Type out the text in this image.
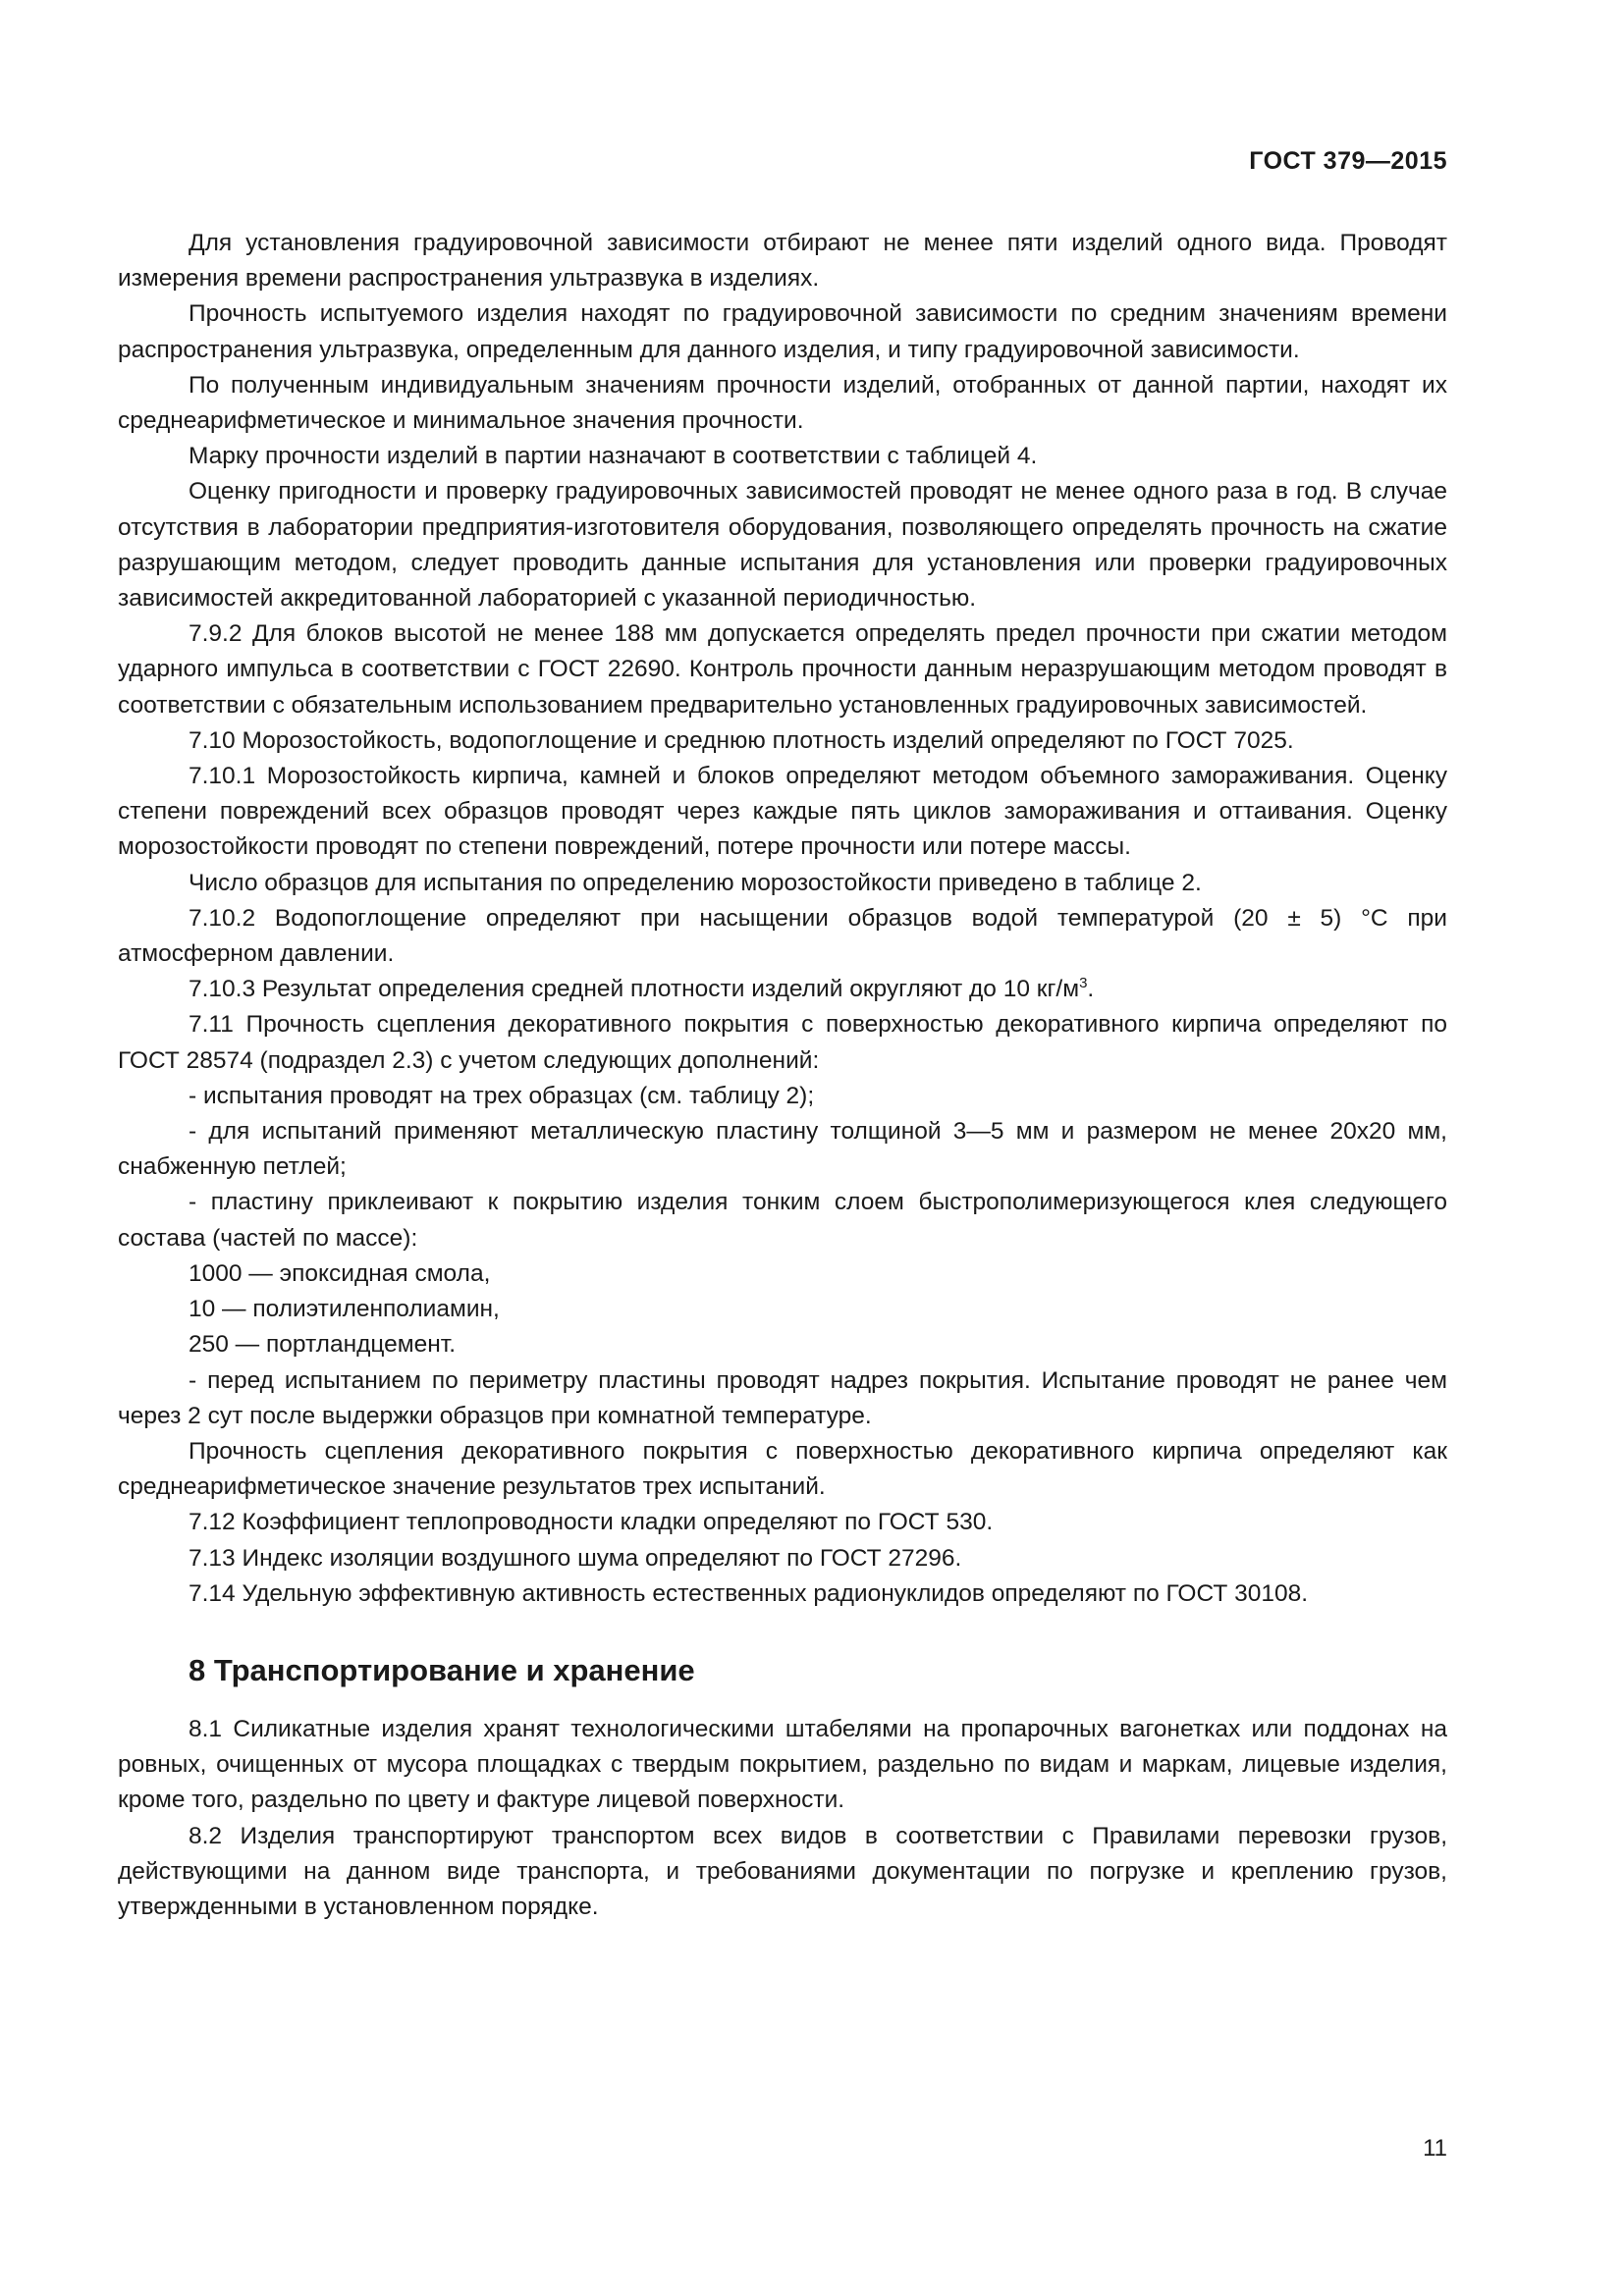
ГОСТ 379—2015

Для установления градуировочной зависимости отбирают не менее пяти изделий одного вида. Проводят измерения времени распространения ультразвука в изделиях.

Прочность испытуемого изделия находят по градуировочной зависимости по средним значениям времени распространения ультразвука, определенным для данного изделия, и типу градуировочной зависимости.

По полученным индивидуальным значениям прочности изделий, отобранных от данной партии, находят их среднеарифметическое и минимальное значения прочности.

Марку прочности изделий в партии назначают в соответствии с таблицей 4.

Оценку пригодности и проверку градуировочных зависимостей проводят не менее одного раза в год. В случае отсутствия в лаборатории предприятия-изготовителя оборудования, позволяющего определять прочность на сжатие разрушающим методом, следует проводить данные испытания для установления или проверки градуировочных зависимостей аккредитованной лабораторией с указанной периодичностью.

7.9.2 Для блоков высотой не менее 188 мм допускается определять предел прочности при сжатии методом ударного импульса в соответствии с ГОСТ 22690. Контроль прочности данным неразрушающим методом проводят в соответствии с обязательным использованием предварительно установленных градуировочных зависимостей.

7.10 Морозостойкость, водопоглощение и среднюю плотность изделий определяют по ГОСТ 7025.

7.10.1 Морозостойкость кирпича, камней и блоков определяют методом объемного замораживания. Оценку степени повреждений всех образцов проводят через каждые пять циклов замораживания и оттаивания. Оценку морозостойкости проводят по степени повреждений, потере прочности или потере массы.

Число образцов для испытания по определению морозостойкости приведено в таблице 2.

7.10.2 Водопоглощение определяют при насыщении образцов водой температурой (20 ± 5) °С при атмосферном давлении.

7.10.3 Результат определения средней плотности изделий округляют до 10 $кг/м^3$.

7.11 Прочность сцепления декоративного покрытия с поверхностью декоративного кирпича определяют по ГОСТ 28574 (подраздел 2.3) с учетом следующих дополнений:

- испытания проводят на трех образцах (см. таблицу 2);

- для испытаний применяют металлическую пластину толщиной 3—5 мм и размером не менее 20x20 мм, снабженную петлей;

- пластину приклеивают к покрытию изделия тонким слоем быстрополимеризующегося клея следующего состава (частей по массе):

1000 — эпоксидная смола,

10 — полиэтиленполиамин,

250 — портландцемент.

- перед испытанием по периметру пластины проводят надрез покрытия. Испытание проводят не ранее чем через 2 сут после выдержки образцов при комнатной температуре.

Прочность сцепления декоративного покрытия с поверхностью декоративного кирпича определяют как среднеарифметическое значение результатов трех испытаний.

7.12 Коэффициент теплопроводности кладки определяют по ГОСТ 530.

7.13 Индекс изоляции воздушного шума определяют по ГОСТ 27296.

7.14 Удельную эффективную активность естественных радионуклидов определяют по ГОСТ 30108.

8 Транспортирование и хранение

8.1 Силикатные изделия хранят технологическими штабелями на пропарочных вагонетках или поддонах на ровных, очищенных от мусора площадках с твердым покрытием, раздельно по видам и маркам, лицевые изделия, кроме того, раздельно по цвету и фактуре лицевой поверхности.

8.2 Изделия транспортируют транспортом всех видов в соответствии с Правилами перевозки грузов, действующими на данном виде транспорта, и требованиями документации по погрузке и креплению грузов, утвержденными в установленном порядке.

11
